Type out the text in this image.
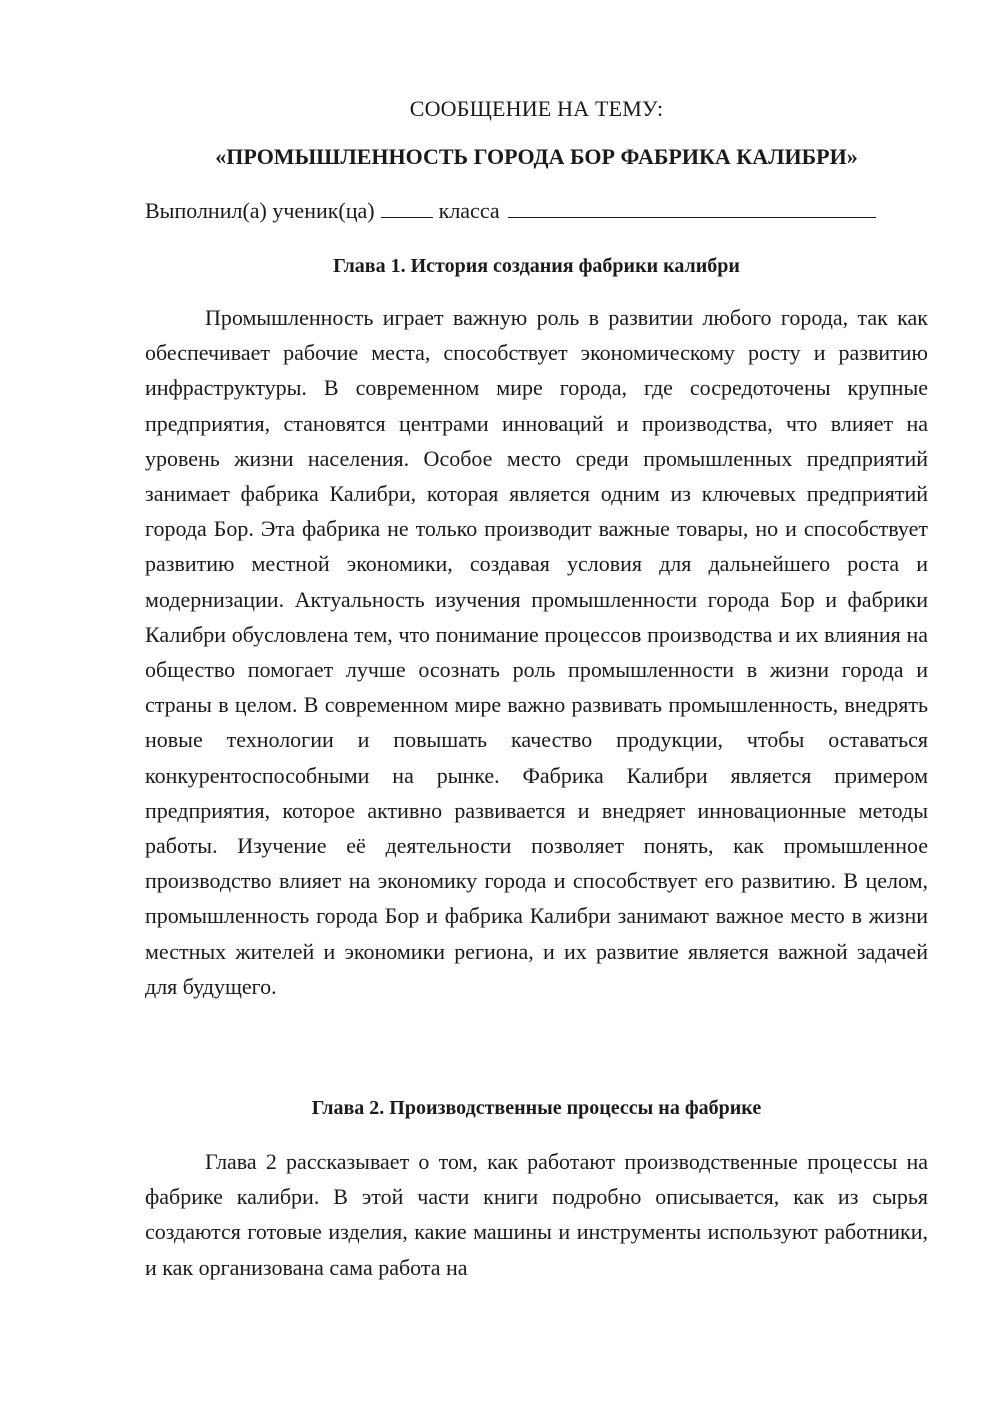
СООБЩЕНИЕ НА ТЕМУ:
«ПРОМЫШЛЕННОСТЬ ГОРОДА БОР ФАБРИКА КАЛИБРИ»
Выполнил(а) ученик(ца)	класса
Глава 1. История создания фабрики калибри

Промышленность играет важную роль в развитии любого города, так как обеспечивает рабочие места, способствует экономическому росту и развитию инфраструктуры. В современном мире города, где сосредоточены крупные предприятия, становятся центрами инноваций и производства, что влияет на уровень жизни населения. Особое место среди промышленных предприятий занимает фабрика Калибри, которая является одним из ключевых предприятий города Бор. Эта фабрика не только производит важные товары, но и способствует развитию местной экономики, создавая условия для дальнейшего роста и модернизации. Актуальность изучения промышленности города Бор и фабрики Калибри обусловлена тем, что понимание процессов производства и их влияния на общество помогает лучше осознать роль промышленности в жизни города и страны в целом. В современном мире важно развивать промышленность, внедрять новые технологии и повышать качество продукции, чтобы оставаться конкурентоспособными на рынке. Фабрика Калибри является примером предприятия, которое активно развивается и внедряет инновационные методы работы. Изучение её деятельности позволяет понять, как промышленное производство влияет на экономику города и способствует его развитию. В целом, промышленность города Бор и фабрика Калибри занимают важное место в жизни местных жителей и экономики региона, и их развитие является важной задачей для будущего.

Глава 2. Производственные процессы на фабрике

Глава 2 рассказывает о том, как работают производственные процессы на фабрике калибри. В этой части книги подробно описывается, как из сырья создаются готовые изделия, какие машины и инструменты используют работники, и как организована сама работа на
